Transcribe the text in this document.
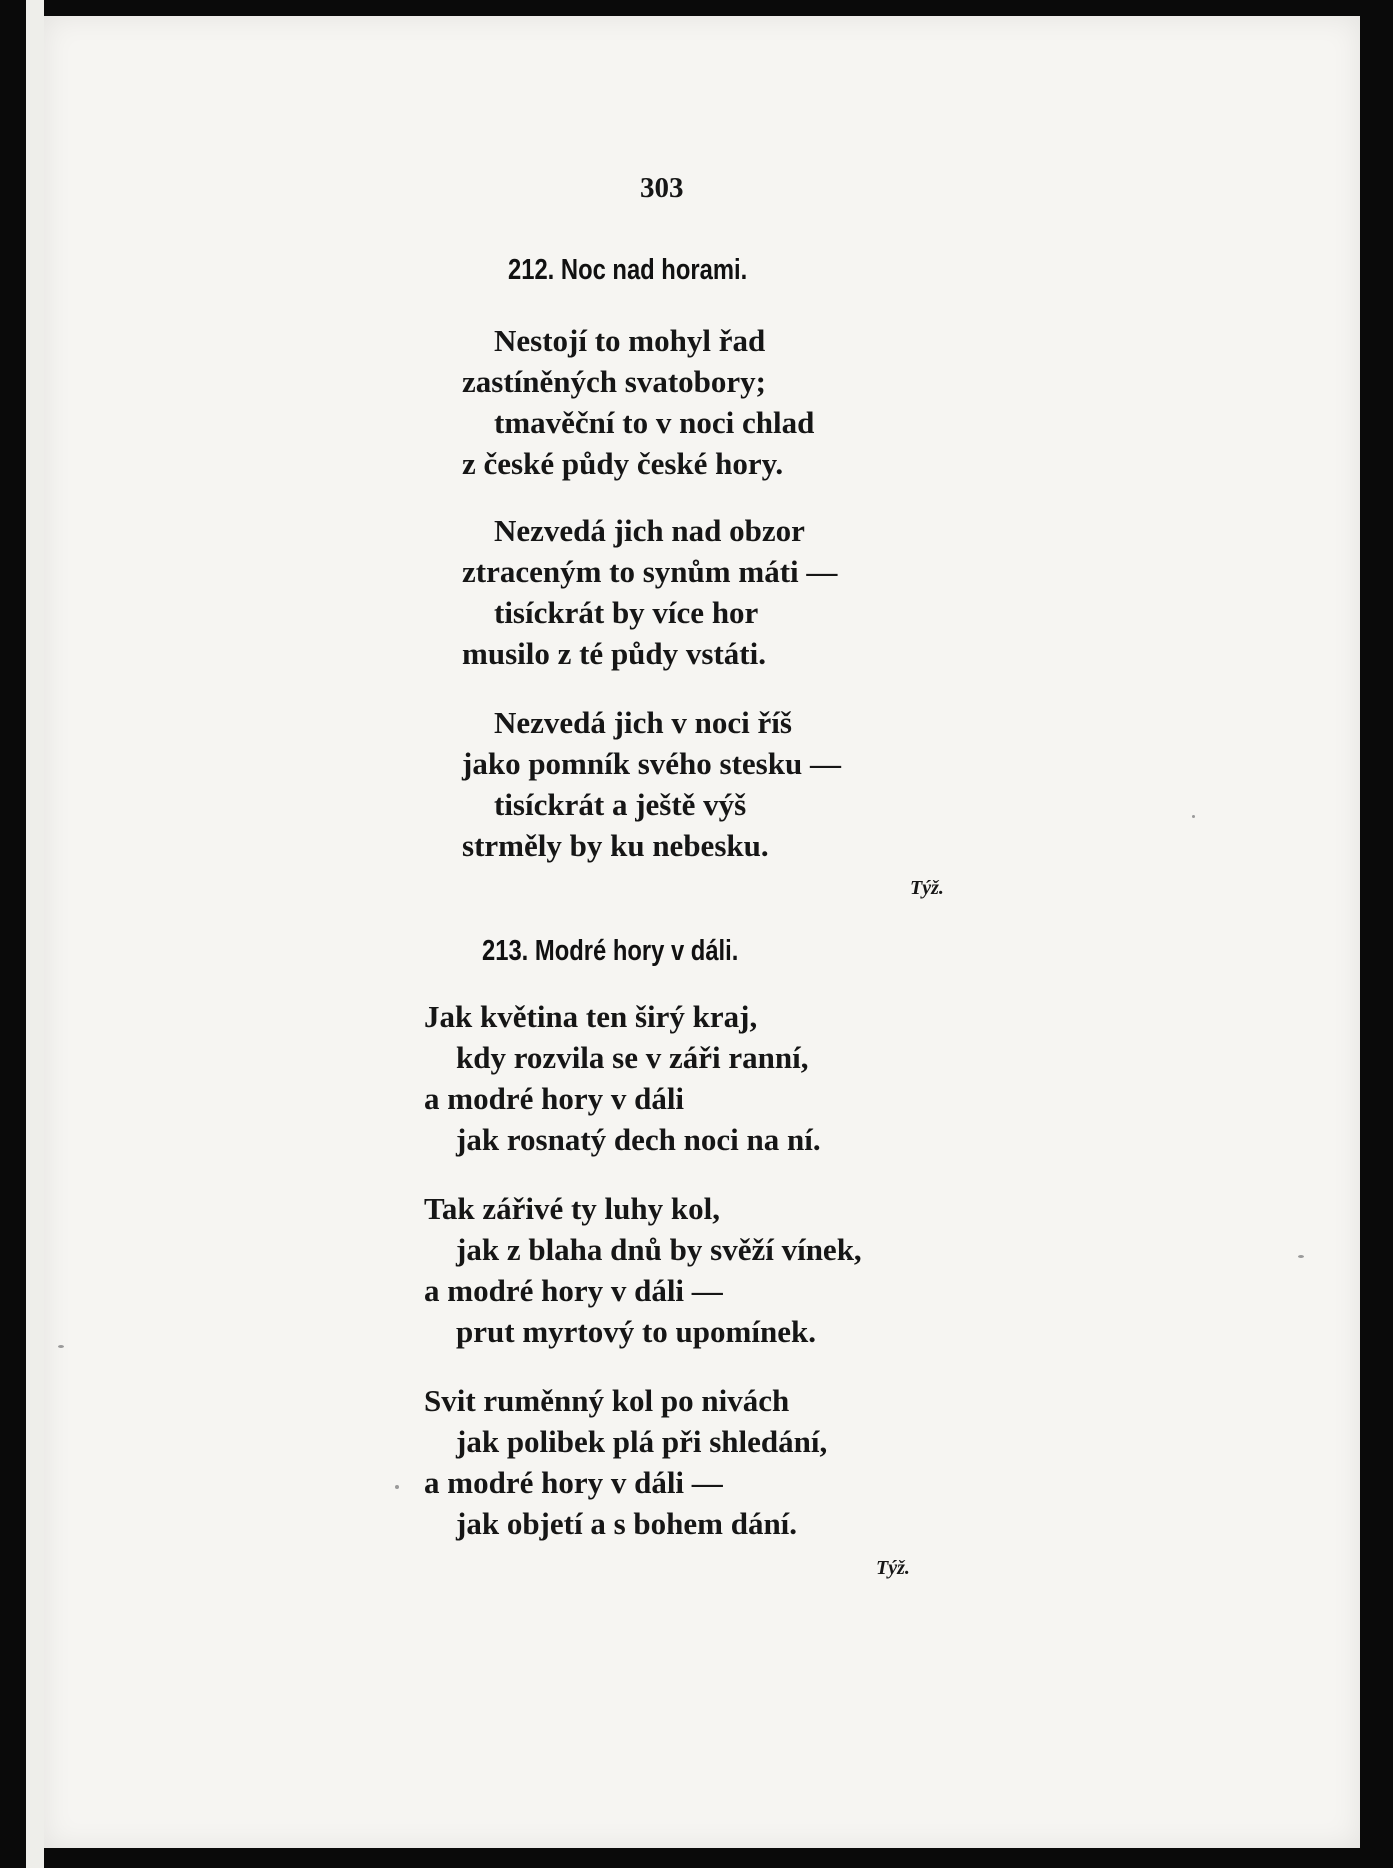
303
212. Noc nad horami.
Nestojí to mohyl řad
zastíněných svatobory;
tmavěční to v noci chlad
z české půdy české hory.
Nezvedá jich nad obzor
ztraceným to synům máti —
tisíckrát by více hor
musilo z té půdy vstáti.
Nezvedá jich v noci říš
jako pomník svého stesku —
tisíckrát a ještě výš
strměly by ku nebesku.
Týž.
213. Modré hory v dáli.
Jak květina ten širý kraj,
kdy rozvila se v záři ranní,
a modré hory v dáli
jak rosnatý dech noci na ní.
Tak zářivé ty luhy kol,
jak z blaha dnů by svěží vínek,
a modré hory v dáli —
prut myrtový to upomínek.
Svit ruměnný kol po nivách
jak polibek plá při shledání,
a modré hory v dáli —
jak objetí a s bohem dání.
Týž.
